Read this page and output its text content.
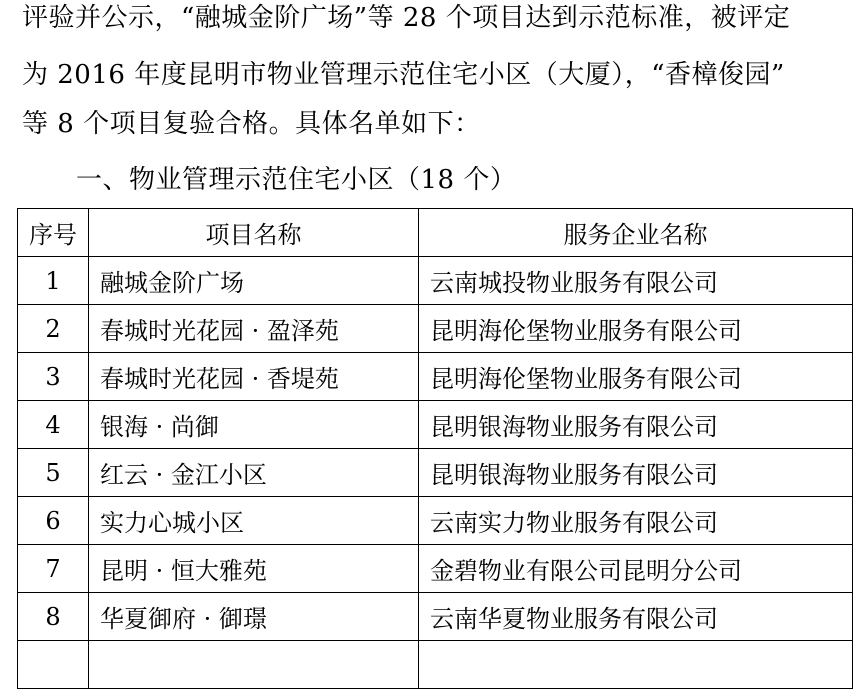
评验并公示，“融城金阶广场”等 28 个项目达到示范标准，被评定
为 2016 年度昆明市物业管理示范住宅小区（大厦），“香樟俊园”
等 8 个项目复验合格。具体名单如下：
一、物业管理示范住宅小区（18 个）
序号	项目名称	服务企业名称
1	融城金阶广场	云南城投物业服务有限公司
2	春城时光花园 · 盈泽苑	昆明海伦堡物业服务有限公司
3	春城时光花园 · 香堤苑	昆明海伦堡物业服务有限公司
4	银海 · 尚御	昆明银海物业服务有限公司
5	红云 · 金江小区	昆明银海物业服务有限公司
6	实力心城小区	云南实力物业服务有限公司
7	昆明 · 恒大雅苑	金碧物业有限公司昆明分公司
8	华夏御府 · 御璟	云南华夏物业服务有限公司
